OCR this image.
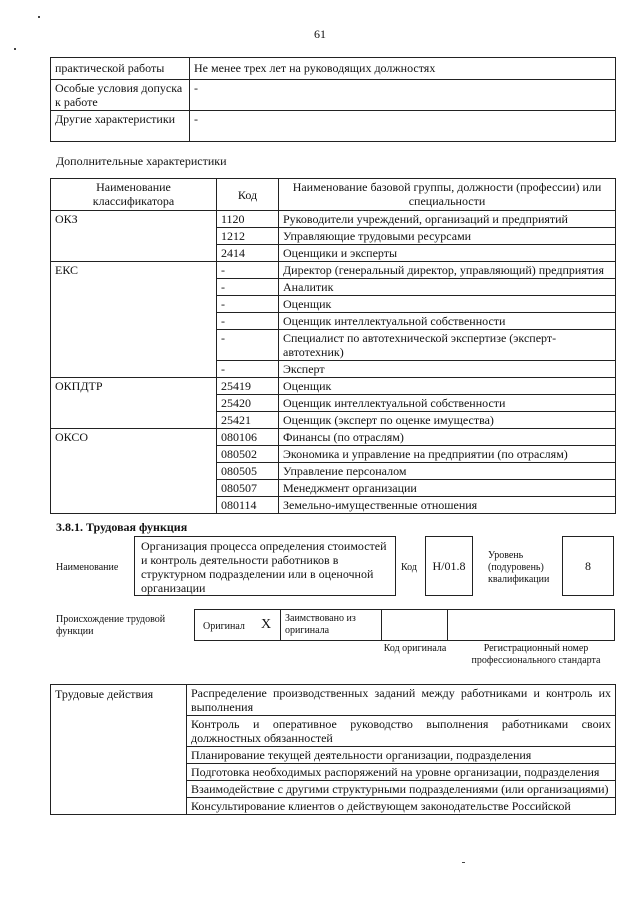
61
практической работы	Не менее трех лет на руководящих должностях
Особые условия допуска к работе	-
Другие характеристики	-
Дополнительные характеристики
Наименование классификатора	Код	Наименование базовой группы, должности (профессии) или специальности
ОКЗ	1120	Руководители учреждений, организаций и предприятий
	1212	Управляющие трудовыми ресурсами
	2414	Оценщики и эксперты
ЕКС	-	Директор (генеральный директор, управляющий) предприятия
	-	Аналитик
	-	Оценщик
	-	Оценщик интеллектуальной собственности
	-	Специалист по автотехнической экспертизе (эксперт-автотехник)
	-	Эксперт
ОКПДТР	25419	Оценщик
	25420	Оценщик интеллектуальной собственности
	25421	Оценщик (эксперт по оценке имущества)
ОКСО	080106	Финансы (по отраслям)
	080502	Экономика и управление на предприятии (по отраслям)
	080505	Управление персоналом
	080507	Менеджмент организации
	080114	Земельно-имущественные отношения
3.8.1. Трудовая функция
Наименование
Организация процесса определения стоимостей и контроль деятельности работников в структурном подразделении или в оценочной организации
Код	H/01.8
Уровень (подуровень) квалификации
8
Происхождение трудовой функции	Оригинал X Заимствовано из оригинала
Код оригинала	Регистрационный номер профессионального стандарта
Трудовые действия	Распределение производственных заданий между работниками и контроль их выполнения
Контроль и оперативное руководство выполнения работниками своих должностных обязанностей
Планирование текущей деятельности организации, подразделения
Подготовка необходимых распоряжений на уровне организации, подразделения
Взаимодействие с другими структурными подразделениями (или организациями)
Консультирование клиентов о действующем законодательстве Российской
